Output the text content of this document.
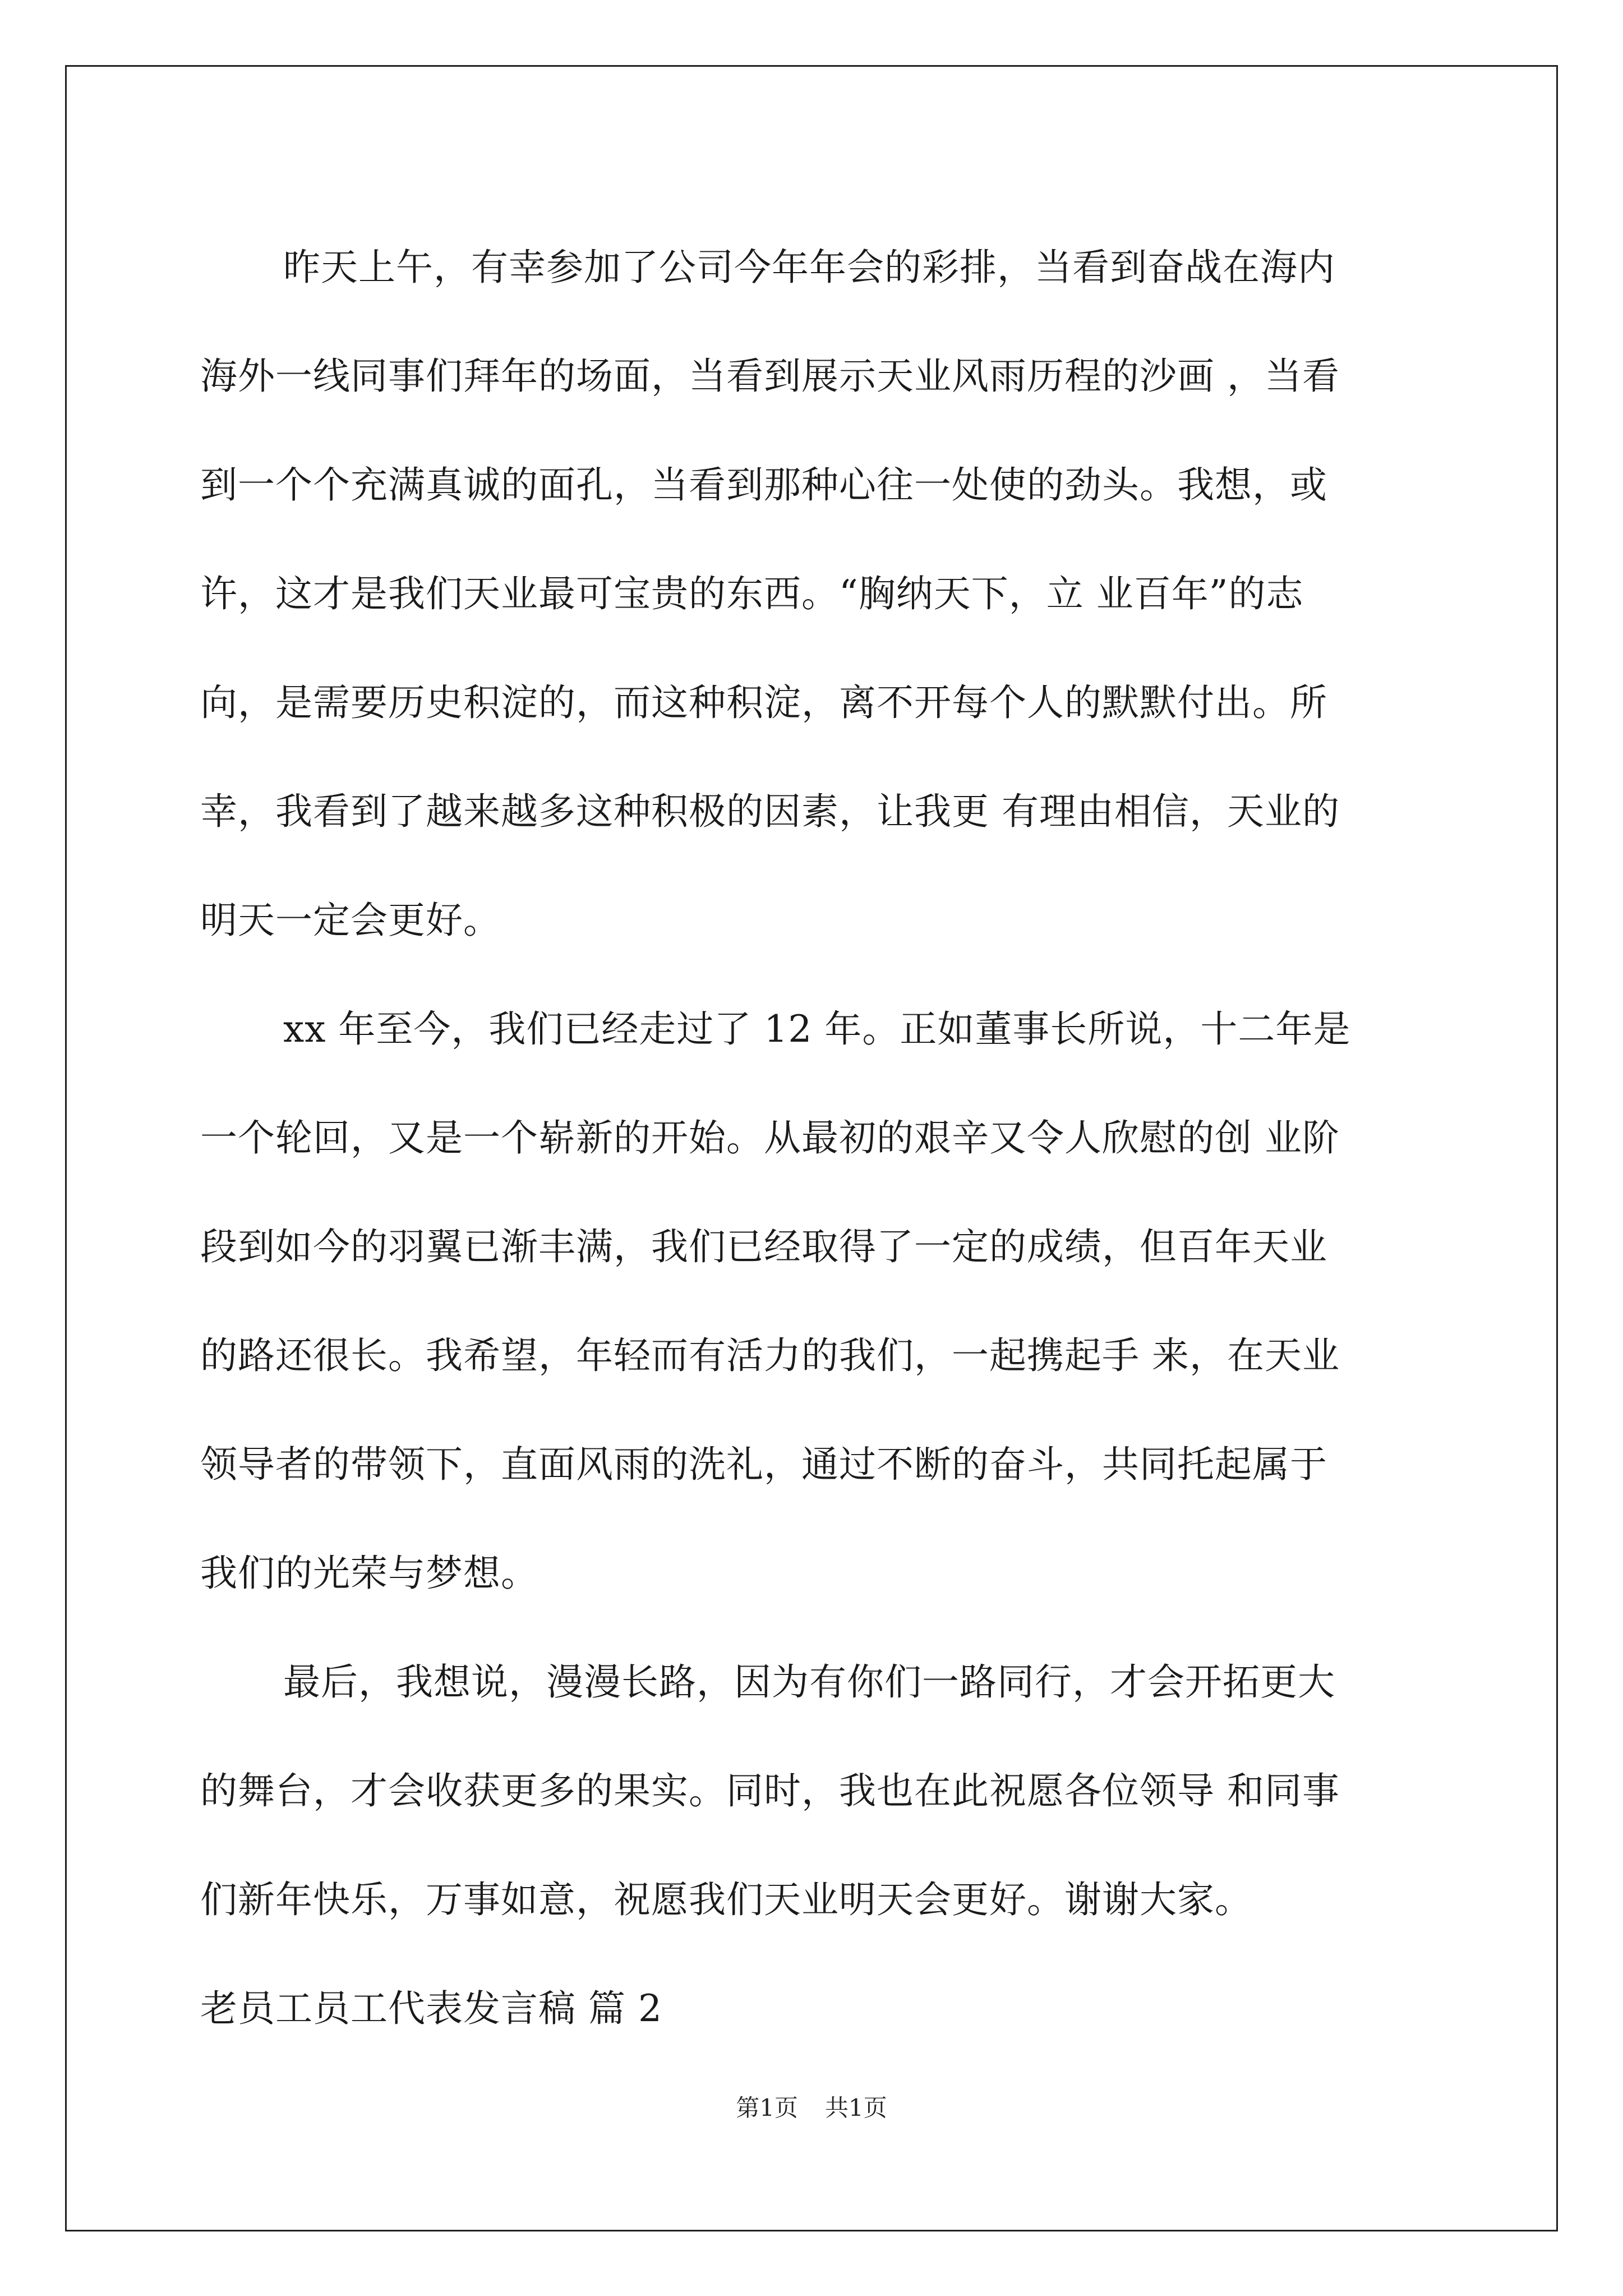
昨天上午，有幸参加了公司今年年会的彩排，当看到奋战在海内
海外一线同事们拜年的场面，当看到展示天业风雨历程的沙画 ，当看
到一个个充满真诚的面孔，当看到那种心往一处使的劲头。我想，或
许，这才是我们天业最可宝贵的东西。“胸纳天下，立 业百年”的志
向，是需要历史积淀的，而这种积淀，离不开每个人的默默付出。所
幸，我看到了越来越多这种积极的因素，让我更 有理由相信，天业的
明天一定会更好。
xx 年至今，我们已经走过了 12 年。正如董事长所说，十二年是
一个轮回，又是一个崭新的开始。从最初的艰辛又令人欣慰的创 业阶
段到如今的羽翼已渐丰满，我们已经取得了一定的成绩，但百年天业
的路还很长。我希望，年轻而有活力的我们，一起携起手 来，在天业
领导者的带领下，直面风雨的洗礼，通过不断的奋斗，共同托起属于
我们的光荣与梦想。
最后，我想说，漫漫长路，因为有你们一路同行，才会开拓更大
的舞台，才会收获更多的果实。同时，我也在此祝愿各位领导 和同事
们新年快乐，万事如意，祝愿我们天业明天会更好。谢谢大家。
老员工员工代表发言稿 篇 2
第1页 共1页
